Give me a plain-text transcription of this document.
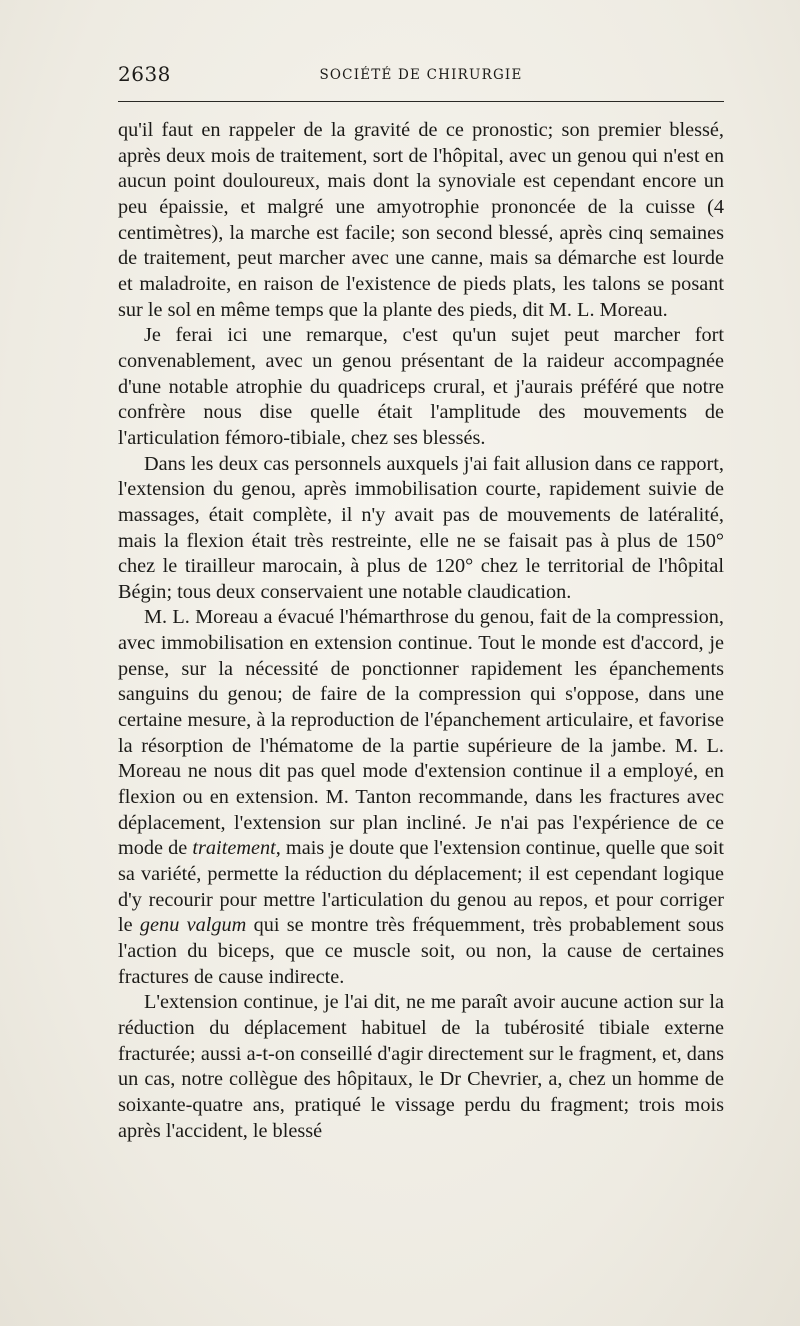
2638	SOCIÉTÉ DE CHIRURGIE

qu'il faut en rappeler de la gravité de ce pronostic; son premier blessé, après deux mois de traitement, sort de l'hôpital, avec un genou qui n'est en aucun point douloureux, mais dont la synoviale est cependant encore un peu épaissie, et malgré une amyotrophie prononcée de la cuisse (4 centimètres), la marche est facile; son second blessé, après cinq semaines de traitement, peut marcher avec une canne, mais sa démarche est lourde et maladroite, en raison de l'existence de pieds plats, les talons se posant sur le sol en même temps que la plante des pieds, dit M. L. Moreau.

Je ferai ici une remarque, c'est qu'un sujet peut marcher fort convenablement, avec un genou présentant de la raideur accompagnée d'une notable atrophie du quadriceps crural, et j'aurais préféré que notre confrère nous dise quelle était l'amplitude des mouvements de l'articulation fémoro-tibiale, chez ses blessés.

Dans les deux cas personnels auxquels j'ai fait allusion dans ce rapport, l'extension du genou, après immobilisation courte, rapidement suivie de massages, était complète, il n'y avait pas de mouvements de latéralité, mais la flexion était très restreinte, elle ne se faisait pas à plus de 150° chez le tirailleur marocain, à plus de 120° chez le territorial de l'hôpital Bégin; tous deux conservaient une notable claudication.

M. L. Moreau a évacué l'hémarthrose du genou, fait de la compression, avec immobilisation en extension continue. Tout le monde est d'accord, je pense, sur la nécessité de ponctionner rapidement les épanchements sanguins du genou; de faire de la compression qui s'oppose, dans une certaine mesure, à la reproduction de l'épanchement articulaire, et favorise la résorption de l'hématome de la partie supérieure de la jambe. M. L. Moreau ne nous dit pas quel mode d'extension continue il a employé, en flexion ou en extension. M. Tanton recommande, dans les fractures avec déplacement, l'extension sur plan incliné. Je n'ai pas l'expérience de ce mode de traitement, mais je doute que l'extension continue, quelle que soit sa variété, permette la réduction du déplacement; il est cependant logique d'y recourir pour mettre l'articulation du genou au repos, et pour corriger le genu valgum qui se montre très fréquemment, très probablement sous l'action du biceps, que ce muscle soit, ou non, la cause de certaines fractures de cause indirecte.

L'extension continue, je l'ai dit, ne me paraît avoir aucune action sur la réduction du déplacement habituel de la tubérosité tibiale externe fracturée; aussi a-t-on conseillé d'agir directement sur le fragment, et, dans un cas, notre collègue des hôpitaux, le Dr Chevrier, a, chez un homme de soixante-quatre ans, pratiqué le vissage perdu du fragment; trois mois après l'accident, le blessé
